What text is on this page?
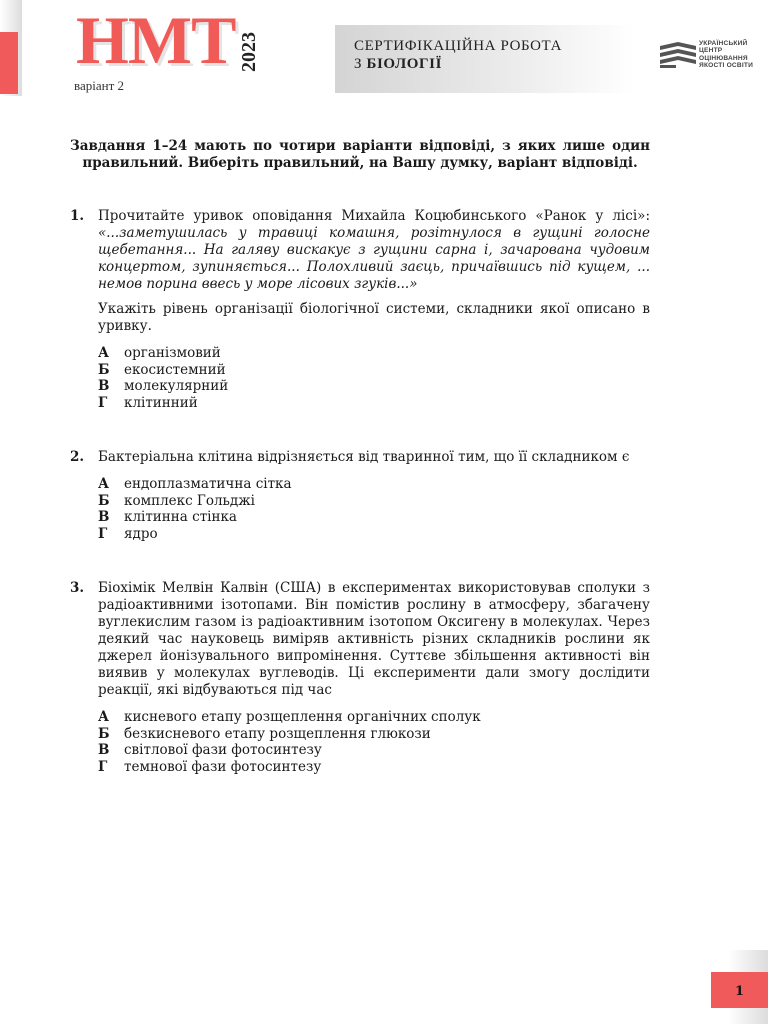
НМТ 2023
варіант 2
СЕРТИФІКАЦІЙНА РОБОТА
З БІОЛОГІЇ
УКРАЇНСЬКИЙ
ЦЕНТР
ОЦІНЮВАННЯ
ЯКОСТІ ОСВІТИ

Завдання 1–24 мають по чотири варіанти відповіді, з яких лише один правильний. Виберіть правильний, на Вашу думку, варіант відповіді.

1. Прочитайте уривок оповідання Михайла Коцюбинського «Ранок у лісі»: «...заметушилась у травиці комашня, розітнулося в гущині голосне щебетання... На галяву вискакує з гущини сарна і, зачарована чудовим концертом, зупиняється... Полохливий заєць, причаївшись під кущем, ... немов порина ввесь у море лісових згуків...»

Укажіть рівень організації біологічної системи, складники якої описано в уривку.

А	організмовий
Б	екосистемний
В	молекулярний
Г	клітинний
2. Бактеріальна клітина відрізняється від тваринної тим, що її складником є

А	ендоплазматична сітка
Б	комплекс Гольджі
В	клітинна стінка
Г	ядро
3. Біохімік Мелвін Калвін (США) в експериментах використовував сполуки з радіоактивними ізотопами. Він помістив рослину в атмосферу, збагачену вуглекислим газом із радіоактивним ізотопом Оксигену в молекулах. Через деякий час науковець виміряв активність різних складників рослини як джерел йонізувального випромінення. Суттєве збільшення активності він виявив у молекулах вуглеводів. Ці експерименти дали змогу дослідити реакції, які відбуваються під час

А	кисневого етапу розщеплення органічних сполук
Б	безкисневого етапу розщеплення глюкози
В	світлової фази фотосинтезу
Г	темнової фази фотосинтезу
1
